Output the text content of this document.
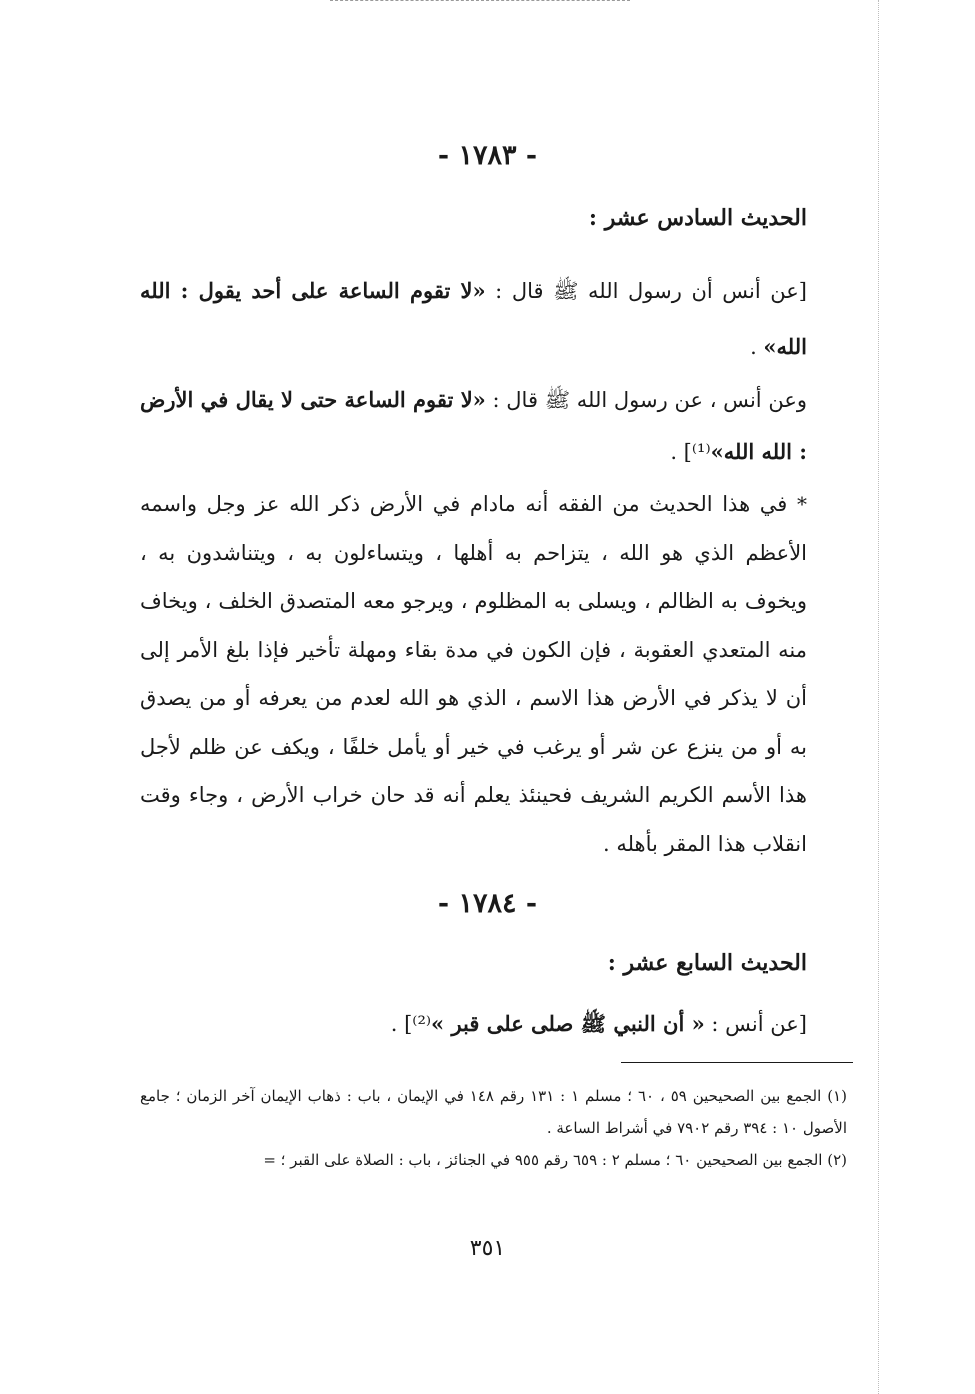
- ١٧٨٣ -
الحديث السادس عشر :

[عن أنس أن رسول الله ﷺ قال : «لا تقوم الساعة على أحد يقول : الله الله» .

وعن أنس ، عن رسول الله ﷺ قال : «لا تقوم الساعة حتى لا يقال في الأرض : الله الله»⁽¹⁾] .

* في هذا الحديث من الفقه أنه مادام في الأرض ذكر الله عز وجل واسمه الأعظم الذي هو الله ، يتزاحم به أهلها ، ويتساءلون به ، ويتناشدون به ، ويخوف به الظالم ، ويسلى به المظلوم ، ويرجو معه المتصدق الخلف ، ويخاف منه المتعدي العقوبة ، فإن الكون في مدة بقاء ومهلة تأخير فإذا بلغ الأمر إلى أن لا يذكر في الأرض هذا الاسم ، الذي هو الله لعدم من يعرفه أو من يصدق به أو من ينزع عن شر أو يرغب في خير أو يأمل خلفًا ، ويكف عن ظلم لأجل هذا الأسم الكريم الشريف فحينئذ يعلم أنه قد حان خراب الأرض ، وجاء وقت انقلاب هذا المقر بأهله .

- ١٧٨٤ -
الحديث السابع عشر :

[عن أنس : « أن النبي ﷺ صلى على قبر »⁽²⁾] .

(١) الجمع بين الصحيحين ٥٩ ، ٦٠ ؛ مسلم ١ : ١٣١ رقم ١٤٨ في الإيمان ، باب : ذهاب الإيمان آخر الزمان ؛ جامع الأصول ١٠ : ٣٩٤ رقم ٧٩٠٢ في أشراط الساعة .

(٢) الجمع بين الصحيحين ٦٠ ؛ مسلم ٢ : ٦٥٩ رقم ٩٥٥ في الجنائز ، باب : الصلاة على القبر ؛ =

٣٥١
